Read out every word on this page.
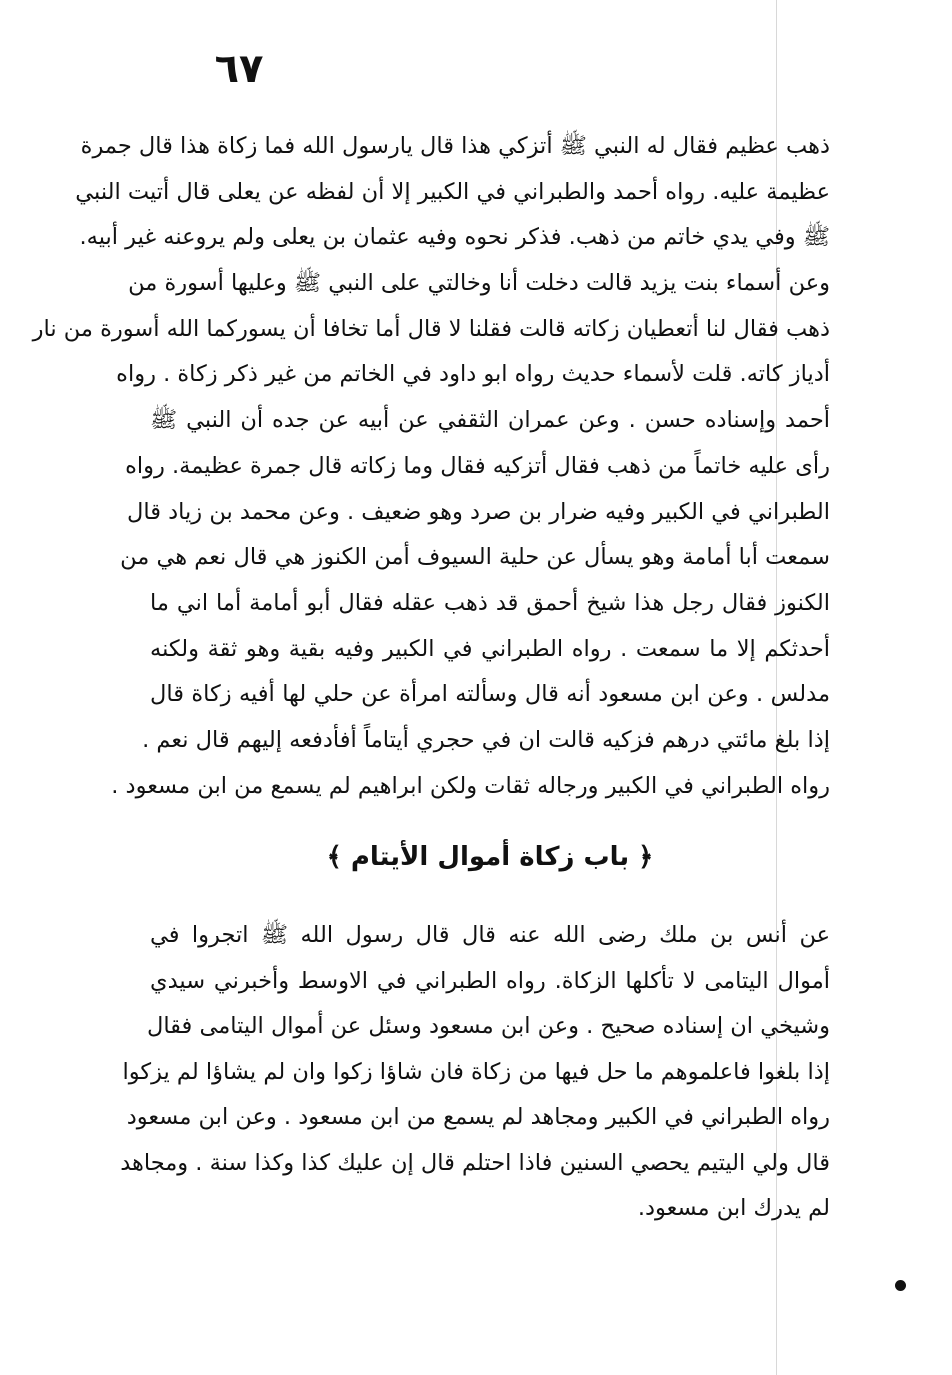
٦٧
ذهب عظيم فقال له النبي ﷺ أتزكي هذا قال يارسول الله فما زكاة هذا قال جمرة
عظيمة عليه. رواه أحمد والطبراني في الكبير إلا أن لفظه عن يعلى قال أتيت النبي
ﷺ وفي يدي خاتم من ذهب. فذكر نحوه وفيه عثمان بن يعلى ولم يروعنه غير أبيه.
وعن أسماء بنت يزيد قالت دخلت أنا وخالتي على النبي ﷺ وعليها أسورة من
ذهب فقال لنا أتعطيان زكاته قالت فقلنا لا قال أما تخافا أن يسوركما الله أسورة من نار
أدياز كاته. قلت لأسماء حديث رواه ابو داود في الخاتم من غير ذكر زكاة . رواه
أحمد وإسناده حسن . وعن عمران الثقفي عن أبيه عن جده أن النبي ﷺ
رأى عليه خاتماً من ذهب فقال أتزكيه فقال وما زكاته قال جمرة عظيمة. رواه
الطبراني في الكبير وفيه ضرار بن صرد وهو ضعيف . وعن محمد بن زياد قال
سمعت أبا أمامة وهو يسأل عن حلية السيوف أمن الكنوز هي قال نعم هي من
الكنوز فقال رجل هذا شيخ أحمق قد ذهب عقله فقال أبو أمامة أما اني ما
أحدثكم إلا ما سمعت . رواه الطبراني في الكبير وفيه بقية وهو ثقة ولكنه
مدلس . وعن ابن مسعود أنه قال وسألته امرأة عن حلي لها أفيه زكاة قال
إذا بلغ مائتي درهم فزكيه قالت ان في حجري أيتاماً أفأدفعه إليهم قال نعم .
رواه الطبراني في الكبير ورجاله ثقات ولكن ابراهيم لم يسمع من ابن مسعود .
﴿ باب زكاة أموال الأيتام ﴾
عن أنس بن ملك رضى الله عنه قال قال رسول الله ﷺ اتجروا في
أموال اليتامى لا تأكلها الزكاة. رواه الطبراني في الاوسط وأخبرني سيدي
وشيخي ان إسناده صحيح . وعن ابن مسعود وسئل عن أموال اليتامى فقال
إذا بلغوا فاعلموهم ما حل فيها من زكاة فان شاؤا زكوا وان لم يشاؤا لم يزكوا
رواه الطبراني في الكبير ومجاهد لم يسمع من ابن مسعود . وعن ابن مسعود
قال ولي اليتيم يحصي السنين فاذا احتلم قال إن عليك كذا وكذا سنة . ومجاهد
لم يدرك ابن مسعود.
